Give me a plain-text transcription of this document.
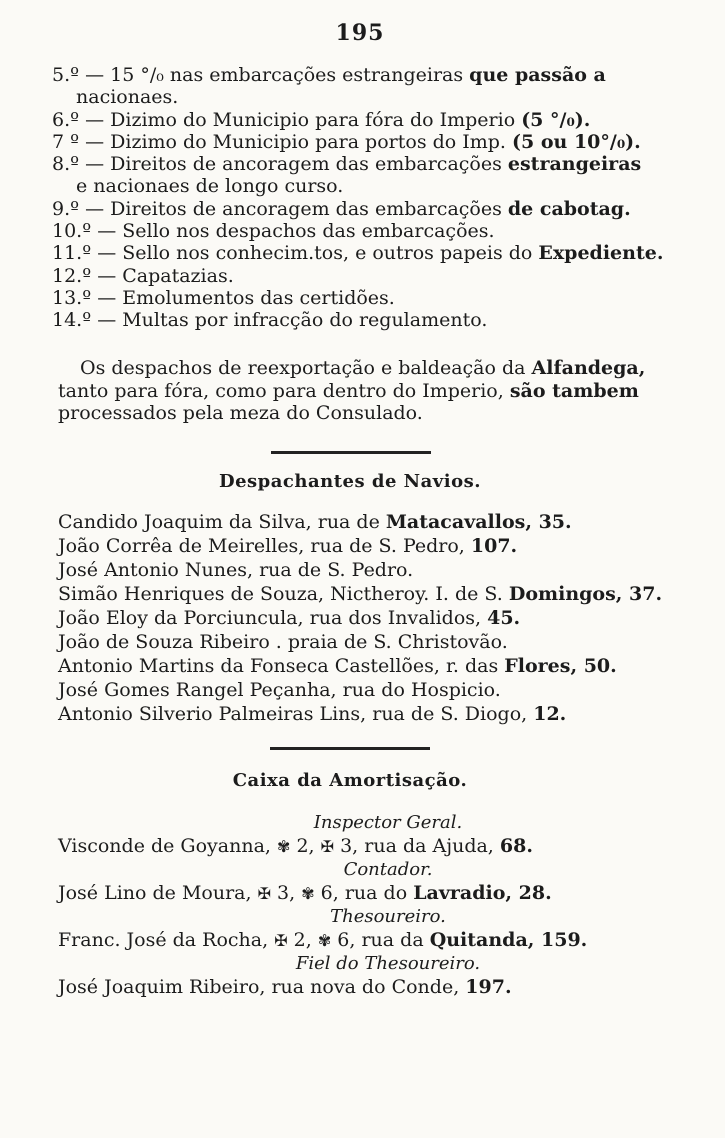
195
5.º — 15 °/₀ nas embarcações estrangeiras que passão a
nacionaes.
6.º — Dizimo do Municipio para fóra do Imperio (5 °/₀).
7 º — Dizimo do Municipio para portos do Imp. (5 ou 10°/₀).
8.º — Direitos de ancoragem das embarcações estrangeiras
e nacionaes de longo curso.
9.º — Direitos de ancoragem das embarcações de cabotag.
10.º — Sello nos despachos das embarcações.
11.º — Sello nos conhecim.tos, e outros papeis do Expediente.
12.º — Capatazias.
13.º — Emolumentos das certidões.
14.º — Multas por infracção do regulamento.
Os despachos de reexportação e baldeação da Alfandega,
tanto para fóra, como para dentro do Imperio, são tambem
processados pela meza do Consulado.
Despachantes de Navios.
Candido Joaquim da Silva, rua de Matacavallos, 35.
João Corrêa de Meirelles, rua de S. Pedro, 107.
José Antonio Nunes, rua de S. Pedro.
Simão Henriques de Souza, Nictheroy. I. de S. Domingos, 37.
João Eloy da Porciuncula, rua dos Invalidos, 45.
João de Souza Ribeiro . praia de S. Christovão.
Antonio Martins da Fonseca Castellões, r. das Flores, 50.
José Gomes Rangel Peçanha, rua do Hospicio.
Antonio Silverio Palmeiras Lins, rua de S. Diogo, 12.
Caixa da Amortisação.
Inspector Geral.
Visconde de Goyanna, ✾ 2, ✠ 3, rua da Ajuda, 68.
Contador.
José Lino de Moura, ✠ 3, ✾ 6, rua do Lavradio, 28.
Thesoureiro.
Franc. José da Rocha, ✠ 2, ✾ 6, rua da Quitanda, 159.
Fiel do Thesoureiro.
José Joaquim Ribeiro, rua nova do Conde, 197.
